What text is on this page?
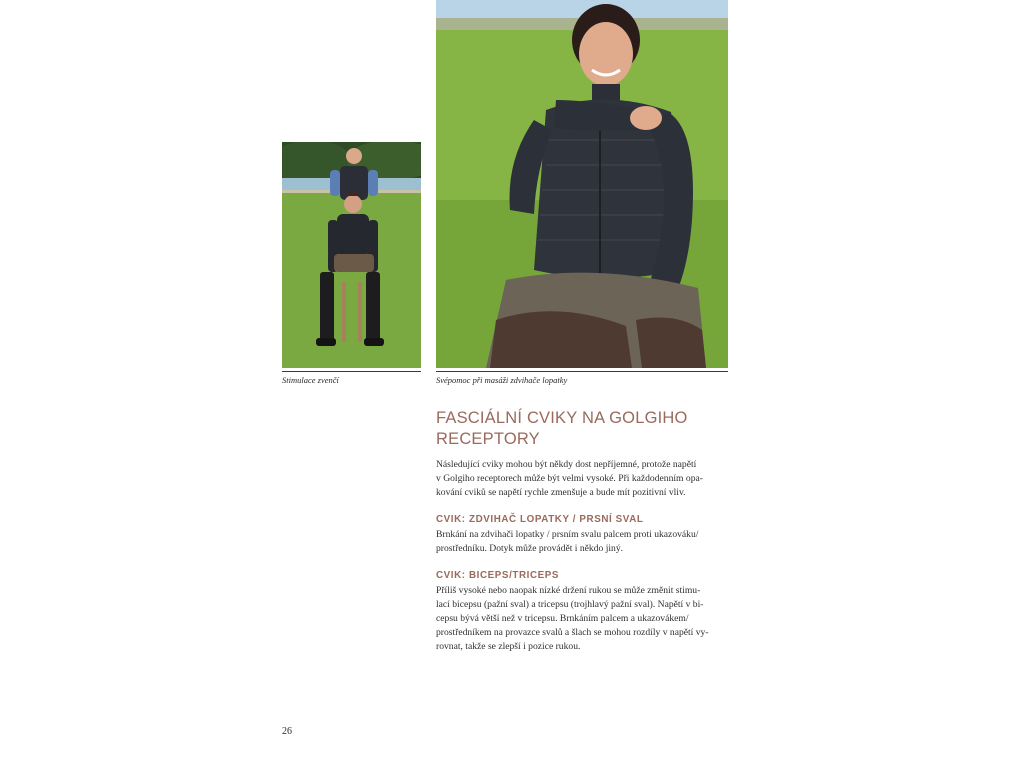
Stimulace zvenčí	Svépomoc při masáži zdvihače lopatky
FASCIÁLNÍ CVIKY NA GOLGIHO
RECEPTORY
Následující cviky mohou být někdy dost nepříjemné, protože napětí
v Golgiho receptorech může být velmi vysoké. Při každodenním opa-
kování cviků se napětí rychle zmenšuje a bude mít pozitivní vliv.
CVIK: ZDVIHAČ LOPATKY / PRSNÍ SVAL
Brnkání na zdvihači lopatky / prsním svalu palcem proti ukazováku/
prostředníku. Dotyk může provádět i někdo jiný.
CVIK: BICEPS/TRICEPS
Příliš vysoké nebo naopak nízké držení rukou se může změnit stimu-
lací bicepsu (pažní sval) a tricepsu (trojhlavý pažní sval). Napětí v bi-
cepsu bývá větší než v tricepsu. Brnkáním palcem a ukazovákem/
prostředníkem na provazce svalů a šlach se mohou rozdíly v napětí vy-
rovnat, takže se zlepší i pozice rukou.
26
